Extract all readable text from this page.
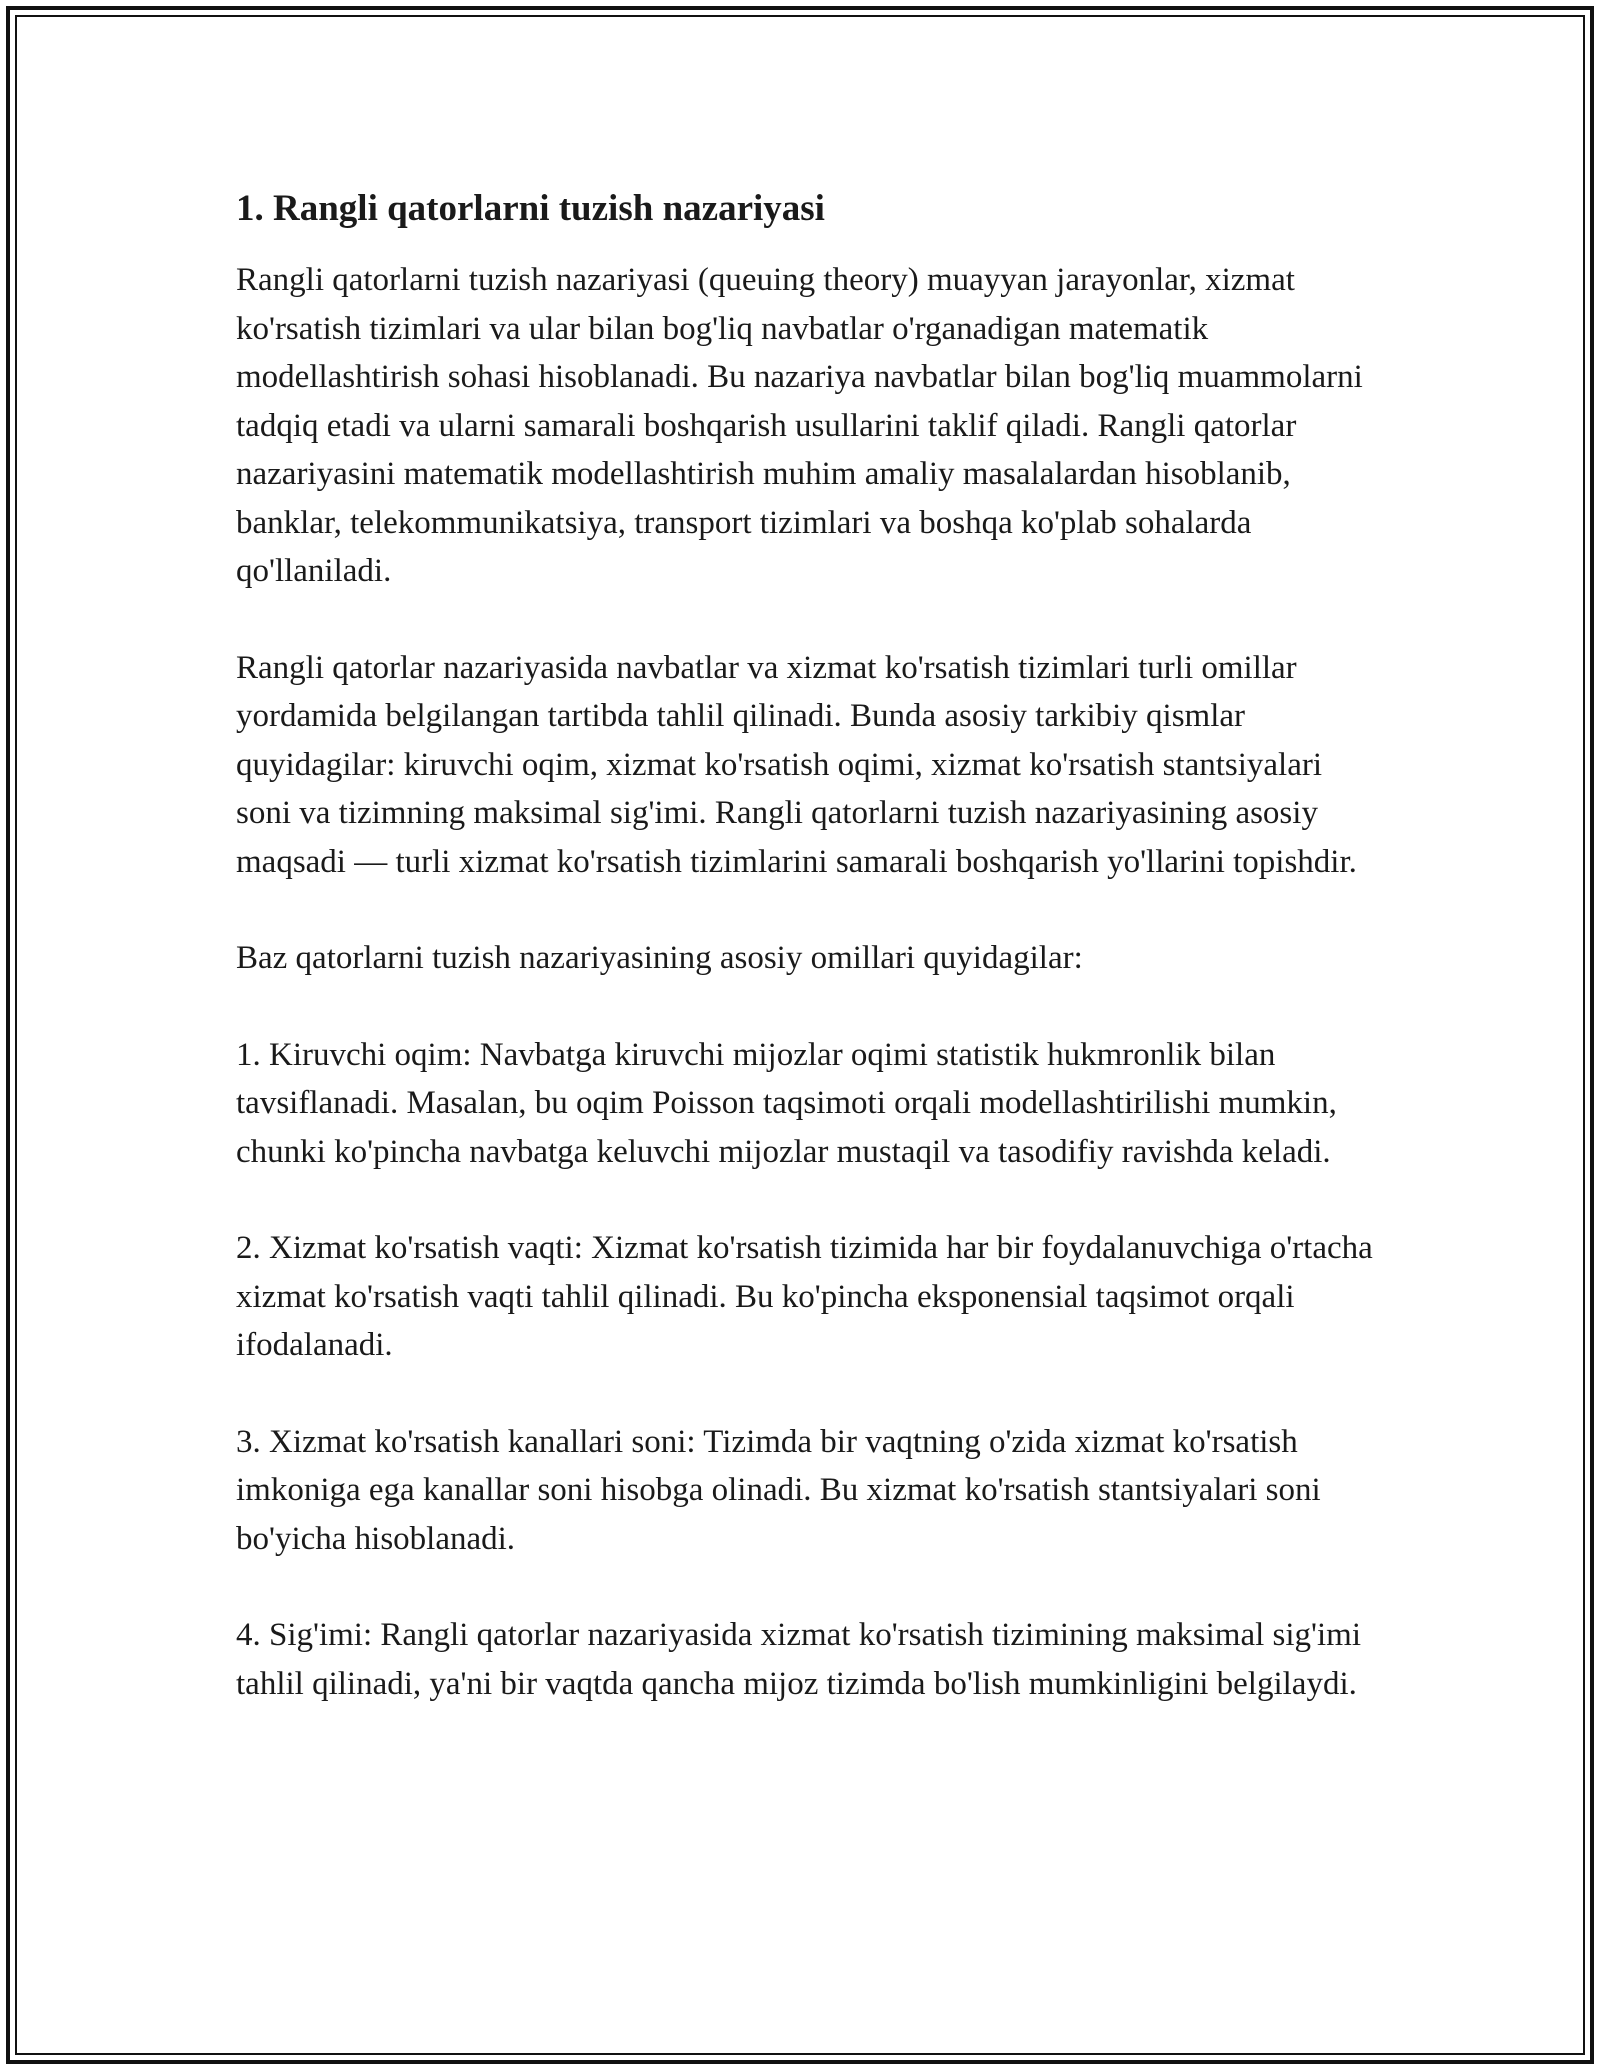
1. Rangli qatorlarni tuzish nazariyasi

Rangli qatorlarni tuzish nazariyasi (queuing theory) muayyan jarayonlar, xizmat ko'rsatish tizimlari va ular bilan bog'liq navbatlar o'rganadigan matematik modellashtirish sohasi hisoblanadi. Bu nazariya navbatlar bilan bog'liq muammolarni tadqiq etadi va ularni samarali boshqarish usullarini taklif qiladi. Rangli qatorlar nazariyasini matematik modellashtirish muhim amaliy masalalardan hisoblanib, banklar, telekommunikatsiya, transport tizimlari va boshqa ko'plab sohalarda qo'llaniladi.

Rangli qatorlar nazariyasida navbatlar va xizmat ko'rsatish tizimlari turli omillar yordamida belgilangan tartibda tahlil qilinadi. Bunda asosiy tarkibiy qismlar quyidagilar: kiruvchi oqim, xizmat ko'rsatish oqimi, xizmat ko'rsatish stantsiyalari soni va tizimning maksimal sig'imi. Rangli qatorlarni tuzish nazariyasining asosiy maqsadi — turli xizmat ko'rsatish tizimlarini samarali boshqarish yo'llarini topishdir.

Baz qatorlarni tuzish nazariyasining asosiy omillari quyidagilar:

1. Kiruvchi oqim: Navbatga kiruvchi mijozlar oqimi statistik hukmronlik bilan tavsiflanadi. Masalan, bu oqim Poisson taqsimoti orqali modellashtirilishi mumkin, chunki ko'pincha navbatga keluvchi mijozlar mustaqil va tasodifiy ravishda keladi.

2. Xizmat ko'rsatish vaqti: Xizmat ko'rsatish tizimida har bir foydalanuvchiga o'rtacha xizmat ko'rsatish vaqti tahlil qilinadi. Bu ko'pincha eksponensial taqsimot orqali ifodalanadi.

3. Xizmat ko'rsatish kanallari soni: Tizimda bir vaqtning o'zida xizmat ko'rsatish imkoniga ega kanallar soni hisobga olinadi. Bu xizmat ko'rsatish stantsiyalari soni bo'yicha hisoblanadi.

4. Sig'imi: Rangli qatorlar nazariyasida xizmat ko'rsatish tizimining maksimal sig'imi tahlil qilinadi, ya'ni bir vaqtda qancha mijoz tizimda bo'lish mumkinligini belgilaydi.
